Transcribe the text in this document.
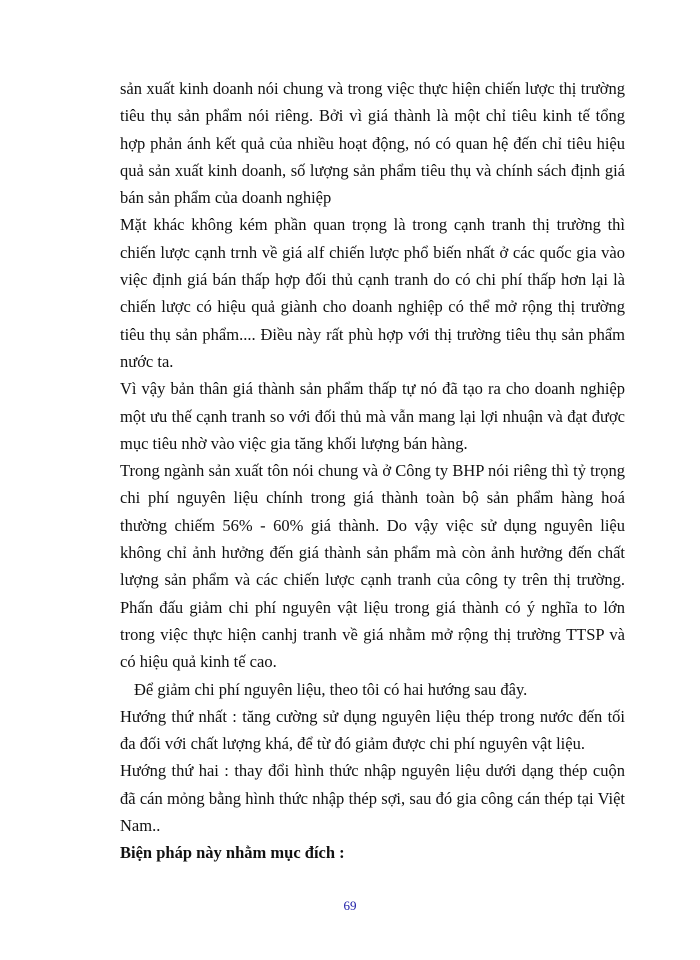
sản xuất kinh doanh nói chung và trong việc thực hiện chiến lược thị trường tiêu thụ sản phẩm nói riêng. Bởi vì giá thành là một chỉ tiêu kinh tế tổng hợp phản ánh kết quả của nhiều hoạt động, nó có quan hệ đến chỉ tiêu hiệu quả sản xuất kinh doanh, số lượng sản phẩm tiêu thụ và chính sách định giá bán sản phẩm của doanh nghiệp

Mặt khác không kém phần quan trọng là trong cạnh tranh thị trường thì chiến lược cạnh trnh về giá alf chiến lược phổ biến nhất ở các quốc gia vào việc định giá bán thấp hợp đối thủ cạnh tranh do có chi phí thấp hơn lại là chiến lược có hiệu quả giành cho doanh nghiệp có thể mở rộng thị trường tiêu thụ sản phẩm.... Điều này rất phù hợp với thị trường tiêu thụ sản phẩm nước ta.

Vì vậy bản thân giá thành sản phẩm thấp tự nó đã tạo ra cho doanh nghiệp một ưu thế cạnh tranh so với đối thủ mà vẫn mang lại lợi nhuận và đạt được mục tiêu nhờ vào việc gia tăng khối lượng bán hàng.

Trong ngành sản xuất tôn nói chung và ở Công ty BHP nói riêng thì tỷ trọng chi phí nguyên liệu chính trong giá thành toàn bộ sản phẩm hàng hoá thường chiếm 56% - 60% giá thành. Do vậy việc sử dụng nguyên liệu không chỉ ảnh hưởng đến giá thành sản phẩm mà còn ảnh hưởng đến chất lượng sản phẩm và các chiến lược cạnh tranh của công ty trên thị trường. Phấn đấu giảm chi phí nguyên vật liệu trong giá thành có ý nghĩa to lớn trong việc thực hiện canhj tranh về giá nhằm mở rộng thị trường TTSP và có hiệu quả kinh tế cao.

Để giảm chi phí nguyên liệu, theo tôi có hai hướng sau đây.

Hướng thứ nhất : tăng cường sử dụng nguyên liệu thép trong nước đến tối đa đối với chất lượng khá, để từ đó giảm được chi phí nguyên vật liệu.

Hướng thứ hai : thay đổi hình thức nhập nguyên liệu dưới dạng thép cuộn đã cán mỏng bằng hình thức nhập thép sợi, sau đó gia công cán thép tại Việt Nam..

Biện pháp này nhằm mục đích :

69
